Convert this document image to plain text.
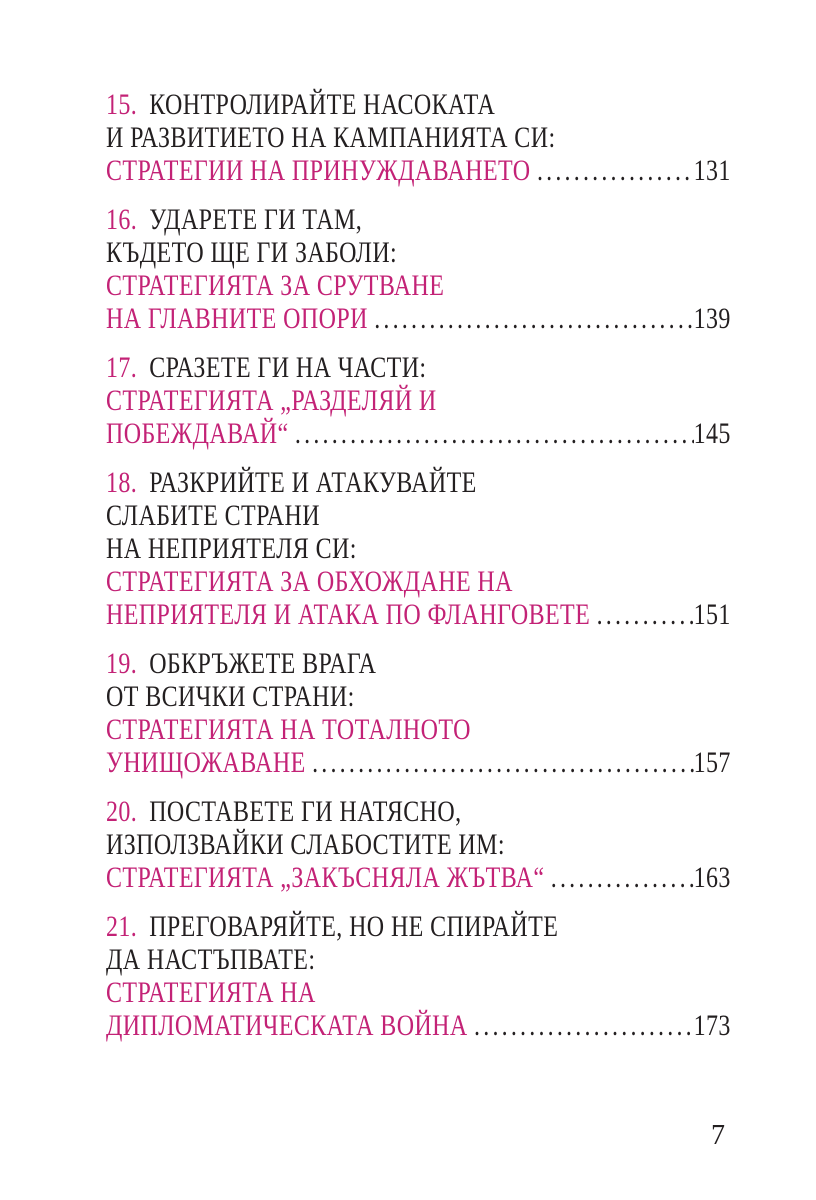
15. КОНТРОЛИРАЙТЕ НАСОКАТА
И РАЗВИТИЕТО НА КАМПАНИЯТА СИ:
СТРАТЕГИИ НА ПРИНУЖДАВАНЕТО .....	131
16. УДАРЕТЕ ГИ ТАМ,
КЪДЕТО ЩЕ ГИ ЗАБОЛИ:
СТРАТЕГИЯТА ЗА СРУТВАНЕ
НА ГЛАВНИТЕ ОПОРИ .....	139
17. СРАЗЕТЕ ГИ НА ЧАСТИ:
СТРАТЕГИЯТА „РАЗДЕЛЯЙ И
ПОБЕЖДАВАЙ“ .....	145
18. РАЗКРИЙТЕ И АТАКУВАЙТЕ
СЛАБИТЕ СТРАНИ
НА НЕПРИЯТЕЛЯ СИ:
СТРАТЕГИЯТА ЗА ОБХОЖДАНЕ НА
НЕПРИЯТЕЛЯ И АТАКА ПО ФЛАНГОВЕТЕ .....	151
19. ОБКРЪЖЕТЕ ВРАГА
ОТ ВСИЧКИ СТРАНИ:
СТРАТЕГИЯТА НА ТОТАЛНОТО
УНИЩОЖАВАНЕ .....	157
20. ПОСТАВЕТЕ ГИ НАТЯСНО,
ИЗПОЛЗВАЙКИ СЛАБОСТИТЕ ИМ:
СТРАТЕГИЯТА „ЗАКЪСНЯЛА ЖЪТВА“ .....	163
21. ПРЕГОВАРЯЙТЕ, НО НЕ СПИРАЙТЕ
ДА НАСТЪПВАТЕ:
СТРАТЕГИЯТА НА
ДИПЛОМАТИЧЕСКАТА ВОЙНА .....	173
7
